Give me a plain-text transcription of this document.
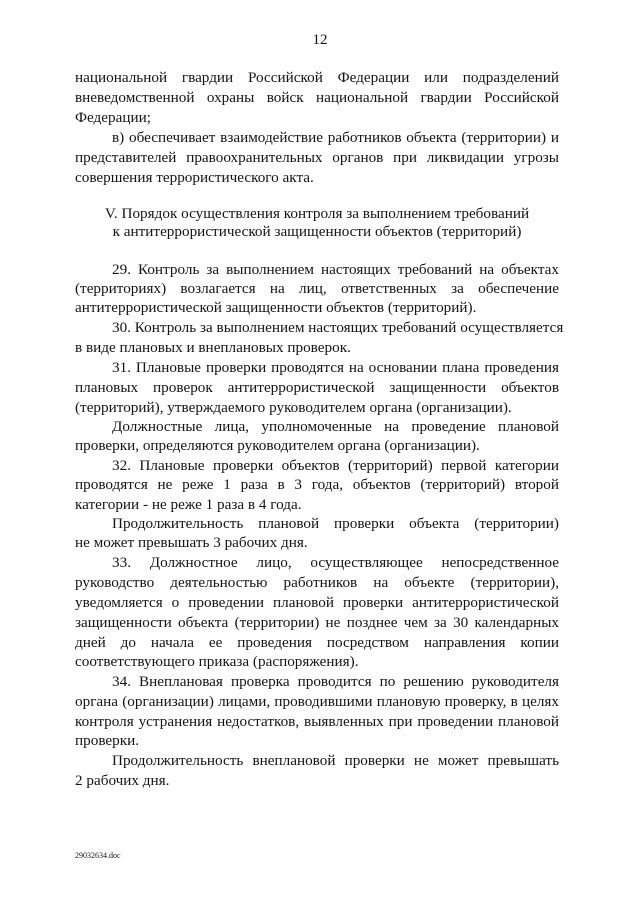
12
национальной гвардии Российской Федерации или подразделений
вневедомственной охраны войск национальной гвардии Российской
Федерации;
в) обеспечивает взаимодействие работников объекта (территории) и
представителей правоохранительных органов при ликвидации угрозы
совершения террористического акта.
V. Порядок осуществления контроля за выполнением требований
к антитеррористической защищенности объектов (территорий)
29. Контроль за выполнением настоящих требований на объектах
(территориях) возлагается на лиц, ответственных за обеспечение
антитеррористической защищенности объектов (территорий).
30. Контроль за выполнением настоящих требований осуществляется
в виде плановых и внеплановых проверок.
31. Плановые проверки проводятся на основании плана проведения
плановых проверок антитеррористической защищенности объектов
(территорий), утверждаемого руководителем органа (организации).
Должностные лица, уполномоченные на проведение плановой
проверки, определяются руководителем органа (организации).
32. Плановые проверки объектов (территорий) первой категории
проводятся не реже 1 раза в 3 года, объектов (территорий) второй
категории - не реже 1 раза в 4 года.
Продолжительность плановой проверки объекта (территории)
не может превышать 3 рабочих дня.
33. Должностное лицо, осуществляющее непосредственное
руководство деятельностью работников на объекте (территории),
уведомляется о проведении плановой проверки антитеррористической
защищенности объекта (территории) не позднее чем за 30 календарных
дней до начала ее проведения посредством направления копии
соответствующего приказа (распоряжения).
34. Внеплановая проверка проводится по решению руководителя
органа (организации) лицами, проводившими плановую проверку, в целях
контроля устранения недостатков, выявленных при проведении плановой
проверки.
Продолжительность внеплановой проверки не может превышать
2 рабочих дня.
29032634.doc
